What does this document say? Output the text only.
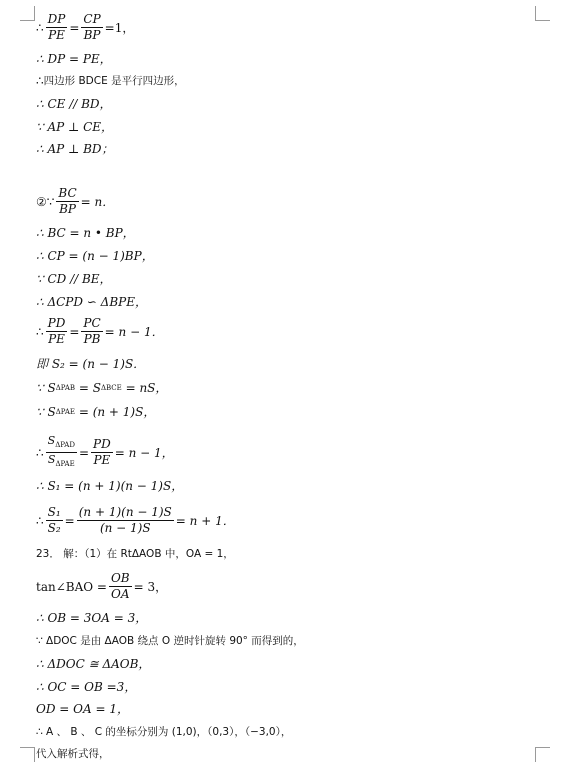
∴ $\frac{DP}{PE} = \frac{CP}{BP} =1$，
∴ DP = PE，
∴ 四边形 BDCE 是平行四边形，
∴ CE // BD，
∵ AP ⊥ CE，
∴ AP ⊥ BD；
②∵ $\frac{BC}{BP} = n$．
∴ BC = n • BP，
∴ CP = (n − 1)BP，
∵ CD // BE，
∴ ΔCPD ∽ ΔBPE，
∴ $\frac{PD}{PE} = \frac{PC}{PB} = n - 1$．
即 S₂ = (n − 1)S．
∵
S ΔPAB
= S ΔBCE
= nS，
∵
S ΔPAE
= (n + 1)S，
∴ $\frac{S_{\Delta PAD}}{S_{\Delta PAE}} = \frac{PD}{PE} = n - 1$，
∴ S₁ = (n + 1)(n − 1)S，
∴ $\frac{\text{S₁}}{\text{S₂}} = \frac{(n + 1)(n - 1)S}{(n - 1)S} = n + 1$．
23． 解：（1）在 RtΔAOB 中，OA = 1，
tan∠BAO = $\frac{OB}{OA} = 3$，
∴ OB = 3OA = 3，
∵ ΔDOC 是由 ΔAOB 绕点 O 逆时针旋转 90° 而得到的，
∴ ΔDOC ≅ ΔAOB，
∴ OC = OB =3，
OD = OA = 1，
∴ A 、 B 、 C 的坐标分别为 (1,0)，（0,3），（−3,0），
代入解析式得，
